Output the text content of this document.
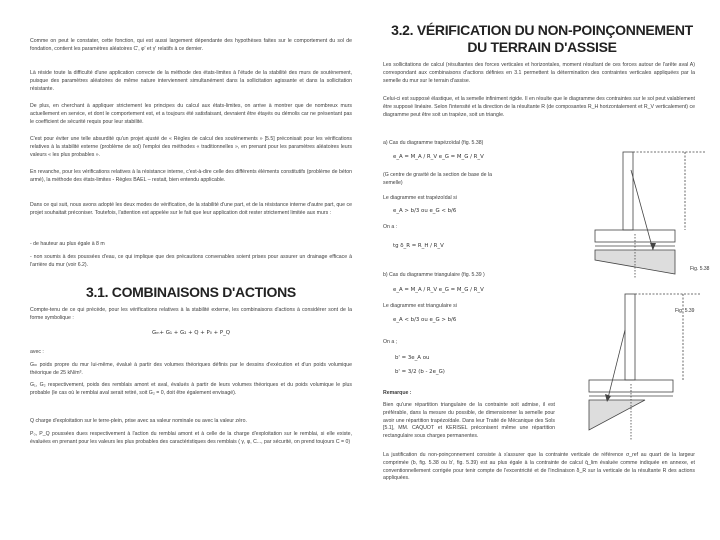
Comme on peut le constater, cette fonction, qui est aussi largement dépendante des hypothèses faites sur le comportement du sol de fondation, contient les paramètres aléatoires C', φ' et γ' relatifs à ce dernier.
Là réside toute la difficulté d'une application correcte de la méthode des états-limites à l'étude de la stabilité des murs de soutènement, puisque des paramètres aléatoires de même nature interviennent simultanément dans la sollicitation agissante et dans la sollicitation résistante.
De plus, en cherchant à appliquer strictement les principes du calcul aux états-limites, on arrive à montrer que de nombreux murs actuellement en service, et dont le comportement est, et a toujours été satisfaisant, devraient être étayés ou démolis car ne présentant pas le coefficient de sécurité requis pour leur stabilité.
C'est pour éviter une telle absurdité qu'un projet ajusté de « Règles de calcul des soutènements » [5.5] préconisait pour les vérifications relatives à la stabilité externe (problème de sol) l'emploi des méthodes « traditionnelles », en prenant pour les paramètres aléatoires leurs valeurs « les plus probables ».
En revanche, pour les vérifications relatives à la résistance interne, c'est-à-dire celle des différents éléments constitutifs (problème de béton armé), la méthode des états-limites - Règles BAEL – restait, bien entendu applicable.
Dans ce qui suit, nous avons adopté les deux modes de vérification, de la stabilité d'une part, et de la résistance interne d'autre part, que ce projet souhaitait préconiser. Toutefois, l'attention est appelée sur le fait que leur application doit rester strictement limitée aux murs :
- de hauteur au plus égale à 8 m
- non soumis à des poussées d'eau, ce qui implique que des précautions convenables soient prises pour assurer un drainage efficace à l'arrière du mur (voir 6.2).
3.1. COMBINAISONS D'ACTIONS
Compte-tenu de ce qui précède, pour les vérifications relatives à la stabilité externe, les combinaisons d'actions à considérer sont de la forme symbolique :
Gₘ+ G₁ + G₂ + Q + P₀ + P_Q
avec :
Gₘ poids propre du mur lui-même, évalué à partir des volumes théoriques définis par le dessins d'exécution et d'un poids volumique théorique de 25 kN/m³.
G₁, G₂ respectivement, poids des remblais amont et aval, évalués à partir de leurs volumes théoriques et du poids volumique le plus probable (le cas où le remblai aval serait retiré, soit G₂ = 0, doit être également envisagé).
Q charge d'exploitation sur le terre-plein, prise avec sa valeur nominale ou avec la valeur zéro.
P₀, P_Q poussées dues respectivement à l'action du remblai amont et à celle de la charge d'exploitation sur le remblai, si elle existe, évaluées en prenant pour les valeurs les plus probables des caractéristiques des remblais ( γ, φ, C..., par sécurité, on prend toujours C = 0)
3.2. VÉRIFICATION DU NON-POINÇONNEMENT
DU TERRAIN D'ASSISE
Les sollicitations de calcul (résultantes des forces verticales et horizontales, moment résultant de ces forces autour de l'arête aval A) correspondant aux combinaisons d'actions définies en 3.1 permettent la détermination des contraintes verticales appliquées par la semelle du mur sur le terrain d'assise.
Celui-ci est supposé élastique, et la semelle infiniment rigide. Il en résulte que le diagramme des contraintes sur le sol peut valablement être supposé linéaire. Selon l'intensité et la direction de la résultante R (de composantes R_H horizontalement et R_V verticalement) ce diagramme peut être soit un trapèze, soit un triangle.
a) Cas du diagramme trapézoïdal (fig. 5.38)
e_A = M_A / R_V e_G = M_G / R_V
(G centre de gravité de la section de base de la semelle)
Le diagramme est trapézoïdal si
e_A > b/3 ou e_G < b/6
On a :
tg δ_R = R_H / R_V
b) Cas du diagramme triangulaire (fig. 5.39 )
e_A = M_A / R_V e_G = M_G / R_V
Le diagramme est triangulaire si
e_A < b/3 ou e_G > b/6
On a ;
b' = 3e_A ou
b' = 3/2 (b - 2e_G)
Remarque :
Bien qu'une répartition triangulaire de la contrainte soit admise, il est préférable, dans la mesure du possible, de dimensionner la semelle pour avoir une répartition trapézoïdale. Dans leur Traité de Mécanique des Sols [5.1], MM. CAQUOT et KERISEL préconisent même une répartition rectangulaire sous charges permanentes.
La justification du non-poinçonnement consiste à s'assurer que la contrainte verticale de référence σ_ref au quart de la largeur comprimée (b, fig. 5.38 ou b', fig. 5.39) est au plus égale à la contrainte de calcul q̄_lim évaluée comme indiquée en annexe, et conventionnellement corrigée pour tenir compte de l'excentricité et de l'inclinaison δ_R sur la verticale de la résultante R des actions appliquées.
Fig. 5.38
Fig. 5.39
